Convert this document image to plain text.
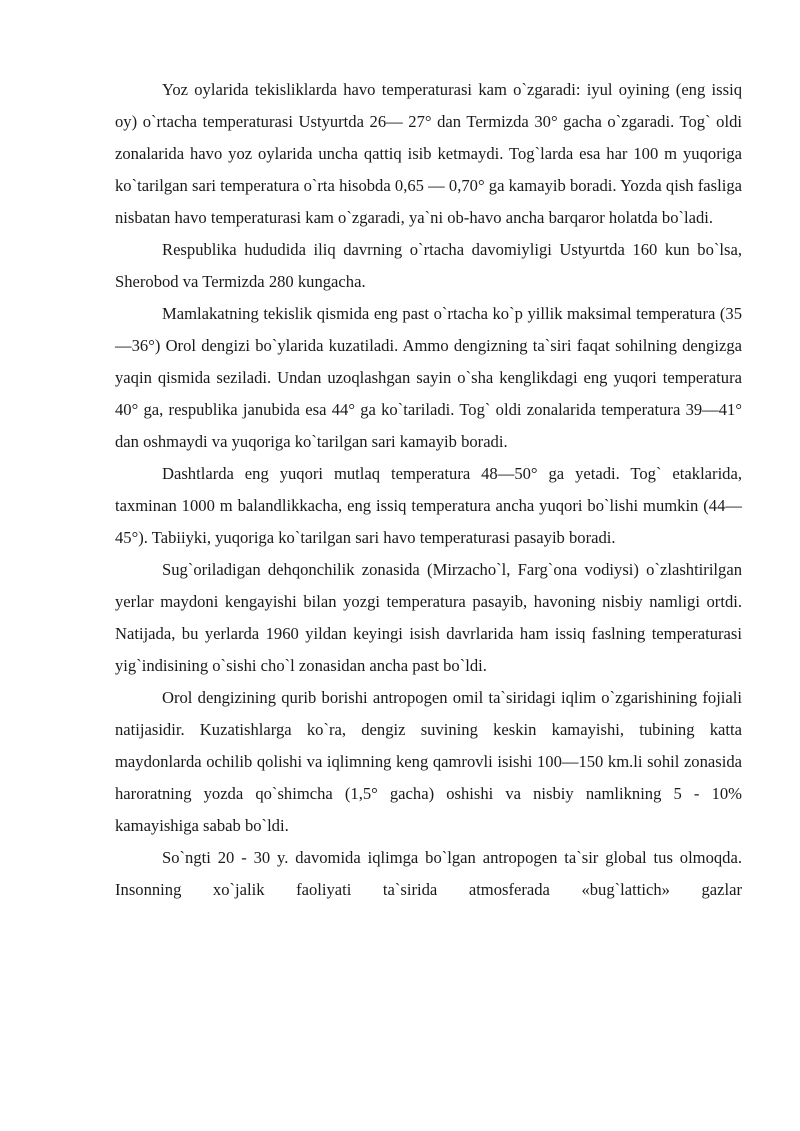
Yoz oylarida tekisliklarda havo temperaturasi kam o`zgaradi: iyul oyining (eng issiq oy) o`rtacha temperaturasi Ustyurtda 26— 27° dan Termizda 30° gacha o`zgaradi. Tog` oldi zonalarida havo yoz oylarida uncha qattiq isib ketmaydi. Tog`larda esa har 100 m yuqoriga ko`tarilgan sari temperatura o`rta hisobda 0,65 — 0,70° ga kamayib boradi. Yozda qish fasliga nisbatan havo temperaturasi kam o`zgaradi, ya`ni ob-havo ancha barqaror holatda bo`ladi.

Respublika hududida iliq davrning o`rtacha davomiyligi Ustyurtda 160 kun bo`lsa, Sherobod va Termizda 280 kungacha.

Mamlakatning tekislik qismida eng past o`rtacha ko`p yillik maksimal temperatura (35—36°) Orol dengizi bo`ylarida kuzatiladi. Ammo dengizning ta`siri faqat sohilning dengizga yaqin qismida seziladi. Undan uzoqlashgan sayin o`sha kenglikdagi eng yuqori temperatura 40° ga, respublika janubida esa 44° ga ko`tariladi. Tog` oldi zonalarida temperatura 39—41° dan oshmaydi va yuqoriga ko`tarilgan sari kamayib boradi.

Dashtlarda eng yuqori mutlaq temperatura 48—50° ga yetadi. Tog` etaklarida, taxminan 1000 m balandlikkacha, eng issiq temperatura ancha yuqori bo`lishi mumkin (44—45°). Tabiiyki, yuqoriga ko`tarilgan sari havo temperaturasi pasayib boradi.

Sug`oriladigan dehqonchilik zonasida (Mirzacho`l, Farg`ona vodiysi) o`zlashtirilgan yerlar maydoni kengayishi bilan yozgi temperatura pasayib, havoning nisbiy namligi ortdi. Natijada, bu yerlarda 1960 yildan keyingi isish davrlarida ham issiq faslning temperaturasi yig`indisining o`sishi cho`l zonasidan ancha past bo`ldi.

Orol dengizining qurib borishi antropogen omil ta`siridagi iqlim o`zgarishining fojiali natijasidir. Kuzatishlarga ko`ra, dengiz suvining keskin kamayishi, tubining katta maydonlarda ochilib qolishi va iqlimning keng qamrovli isishi 100—150 km.li sohil zonasida haroratning yozda qo`shimcha (1,5° gacha) oshishi va nisbiy namlikning 5 - 10% kamayishiga sabab bo`ldi.

So`ngti 20 - 30 y. davomida iqlimga bo`lgan antropogen ta`sir global tus olmoqda. Insonning xo`jalik faoliyati ta`sirida atmosferada «bug`lattich» gazlar
